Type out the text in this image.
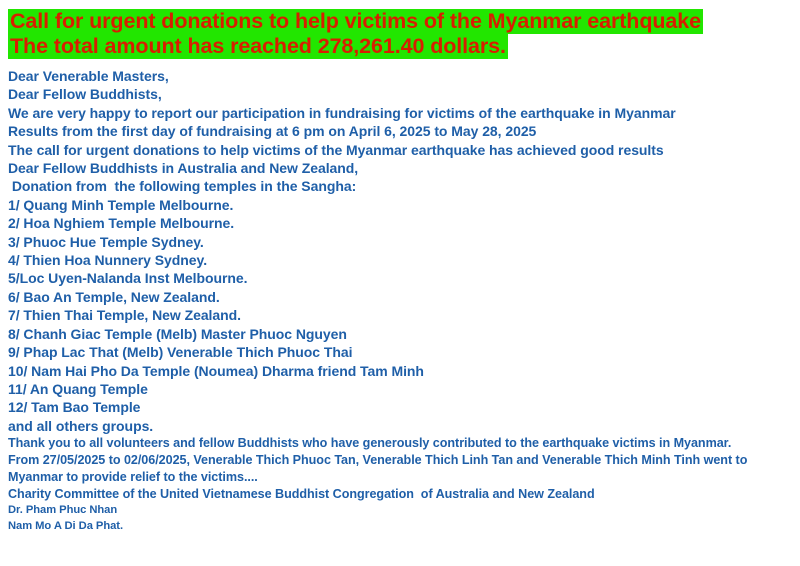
Call for urgent donations to help victims of the Myanmar earthquake
The total amount has reached 278,261.40 dollars.
Dear Venerable Masters,
Dear Fellow Buddhists,
We are very happy to report our participation in fundraising for victims of the earthquake in Myanmar
Results from the first day of fundraising at 6 pm on April 6, 2025 to May 28, 2025
The call for urgent donations to help victims of the Myanmar earthquake has achieved good results
Dear Fellow Buddhists in Australia and New Zealand,
Donation from  the following temples in the Sangha:
1/ Quang Minh Temple Melbourne.
2/ Hoa Nghiem Temple Melbourne.
3/ Phuoc Hue Temple Sydney.
4/ Thien Hoa Nunnery Sydney.
5/Loc Uyen-Nalanda Inst Melbourne.
6/ Bao An Temple, New Zealand.
7/ Thien Thai Temple, New Zealand.
8/ Chanh Giac Temple (Melb) Master Phuoc Nguyen
9/ Phap Lac That (Melb) Venerable Thich Phuoc Thai
10/ Nam Hai Pho Da Temple (Noumea) Dharma friend Tam Minh
11/ An Quang Temple
12/ Tam Bao Temple
and all others groups.
Thank you to all volunteers and fellow Buddhists who have generously contributed to the earthquake victims in Myanmar.
From 27/05/2025 to 02/06/2025, Venerable Thich Phuoc Tan, Venerable Thich Linh Tan and Venerable Thich Minh Tinh went to Myanmar to provide relief to the victims....
Charity Committee of the United Vietnamese Buddhist Congregation  of Australia and New Zealand
Dr. Pham Phuc Nhan
Nam Mo A Di Da Phat.
